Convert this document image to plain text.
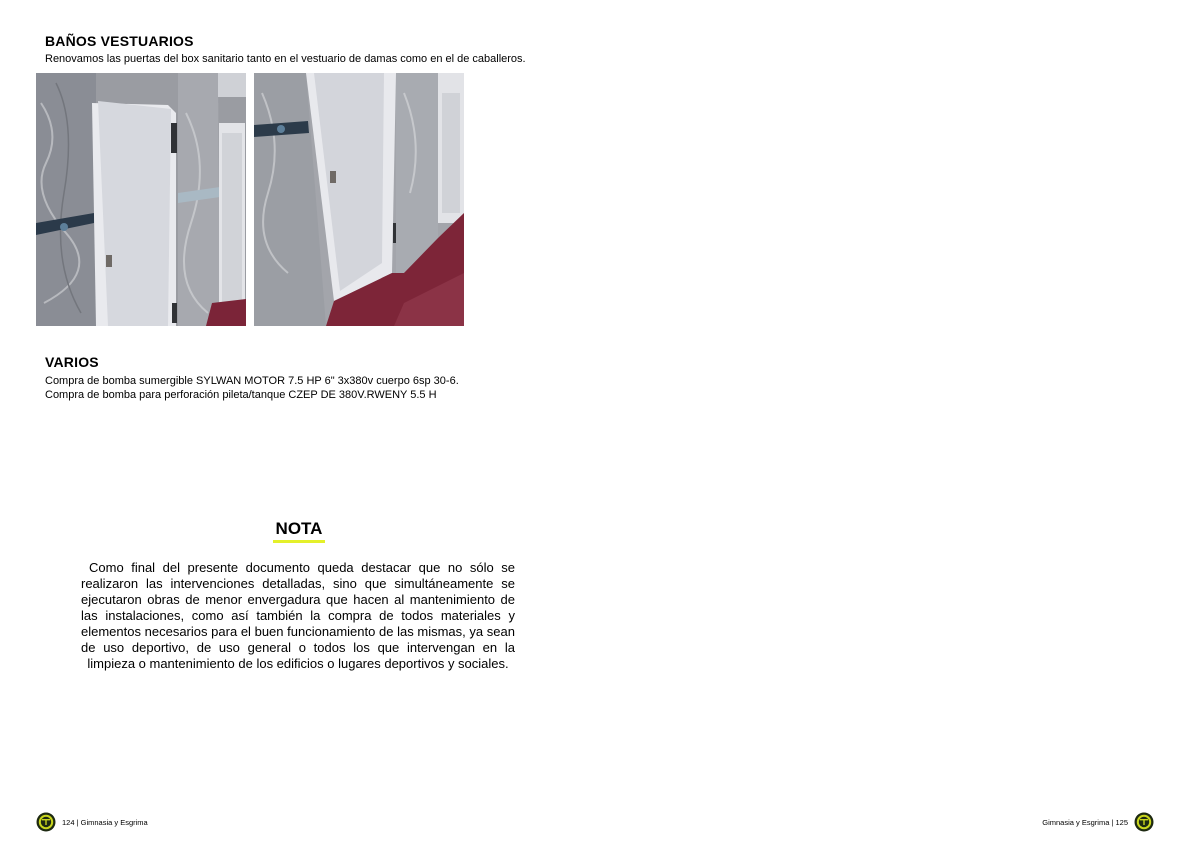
BAÑOS VESTUARIOS
Renovamos las puertas del box sanitario tanto en el vestuario de damas como en el de caballeros.
VARIOS
Compra de bomba sumergible SYLWAN MOTOR 7.5 HP 6" 3x380v cuerpo 6sp 30-6.
Compra de bomba para perforación pileta/tanque CZEP DE 380V.RWENY 5.5 H
NOTA
Como final del presente documento queda destacar que no sólo se realizaron las intervenciones detalladas, sino que simultáneamente se ejecutaron obras de menor envergadura que hacen al mantenimiento de las instalaciones, como así también la compra de todos materiales y elementos necesarios para el buen funcionamiento de las mismas, ya sean de uso deportivo, de uso general o todos los que intervengan en la limpieza o mantenimiento de los edificios o lugares deportivos y sociales.
124 | Gimnasia y Esgrima	Gimnasia y Esgrima | 125
